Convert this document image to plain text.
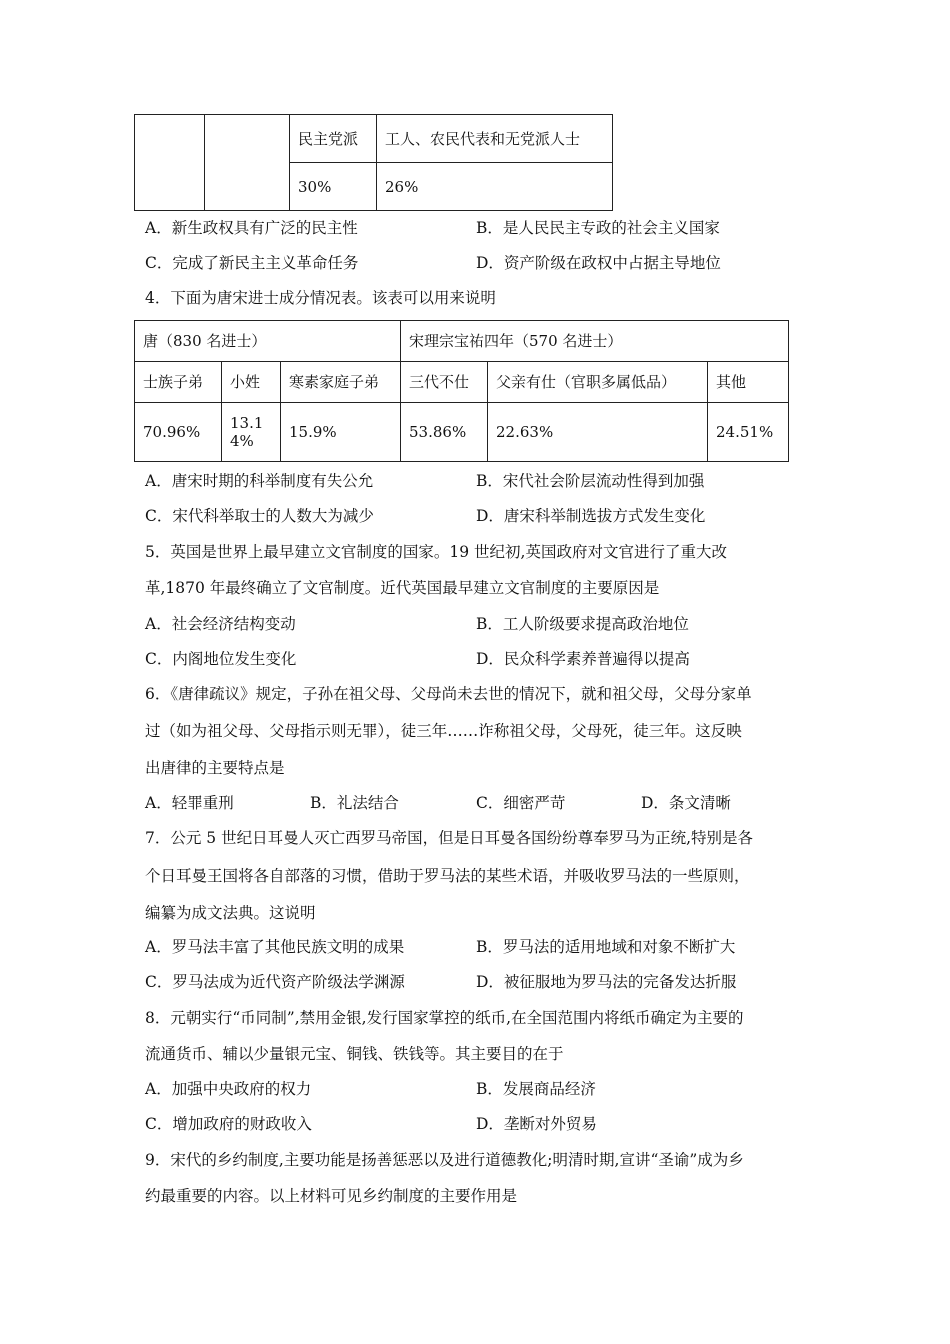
		民主党派	工人、农民代表和无党派人士
		30%	26%
A．新生政权具有广泛的民主性	B．是人民民主专政的社会主义国家
C．完成了新民主主义革命任务	D．资产阶级在政权中占据主导地位
4．下面为唐宋进士成分情况表。该表可以用来说明
唐（830 名进士）			宋理宗宝祐四年（570 名进士）		
士族子弟	小姓	寒素家庭子弟	三代不仕	父亲有仕（官职多属低品）	其他
70.96%	13.14%	15.9%	53.86%	22.63%	24.51%
A．唐宋时期的科举制度有失公允	B．宋代社会阶层流动性得到加强
C．宋代科举取士的人数大为减少	D．唐宋科举制选拔方式发生变化
5．英国是世界上最早建立文官制度的国家。19 世纪初,英国政府对文官进行了重大改
革,1870 年最终确立了文官制度。近代英国最早建立文官制度的主要原因是
A．社会经济结构变动	B．工人阶级要求提高政治地位
C．内阁地位发生变化	D．民众科学素养普遍得以提高
6．《唐律疏议》规定，子孙在祖父母、父母尚未去世的情况下，就和祖父母，父母分家单
过（如为祖父母、父母指示则无罪），徒三年……诈称祖父母，父母死，徒三年。这反映
出唐律的主要特点是
A．轻罪重刑	B．礼法结合	C．细密严苛	D．条文清晰
7．公元 5 世纪日耳曼人灭亡西罗马帝国，但是日耳曼各国纷纷尊奉罗马为正统,特别是各
个日耳曼王国将各自部落的习惯，借助于罗马法的某些术语，并吸收罗马法的一些原则，
编纂为成文法典。这说明
A．罗马法丰富了其他民族文明的成果	B．罗马法的适用地域和对象不断扩大
C．罗马法成为近代资产阶级法学渊源	D．被征服地为罗马法的完备发达折服
8．元朝实行“币同制”,禁用金银,发行国家掌控的纸币,在全国范围内将纸币确定为主要的
流通货币、辅以少量银元宝、铜钱、铁钱等。其主要目的在于
A．加强中央政府的权力	B．发展商品经济
C．增加政府的财政收入	D．垄断对外贸易
9．宋代的乡约制度,主要功能是扬善惩恶以及进行道德教化;明清时期,宣讲“圣谕”成为乡
约最重要的内容。以上材料可见乡约制度的主要作用是
